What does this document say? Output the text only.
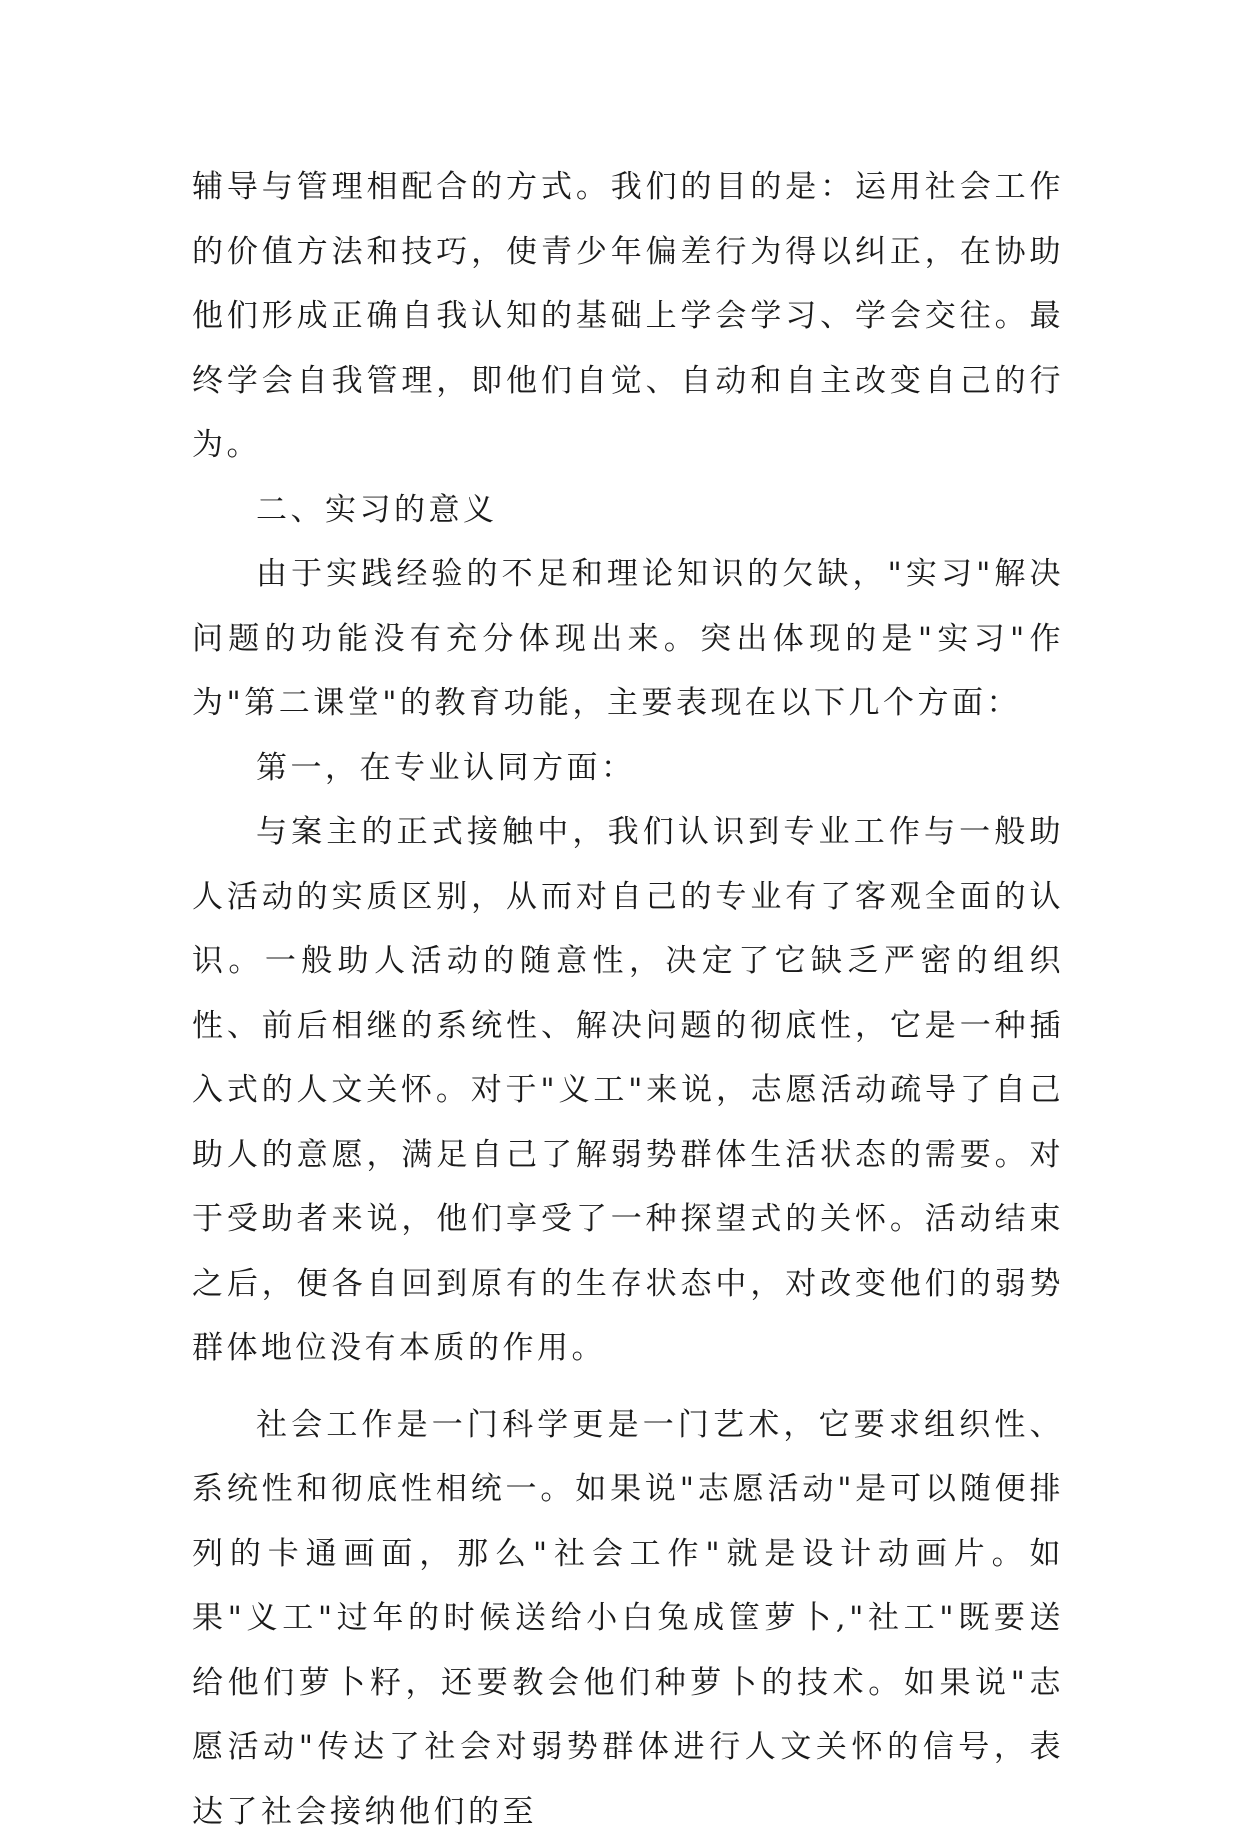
辅导与管理相配合的方式。我们的目的是：运用社会工作的价值方法和技巧，使青少年偏差行为得以纠正，在协助他们形成正确自我认知的基础上学会学习、学会交往。最终学会自我管理，即他们自觉、自动和自主改变自己的行为。

二、实习的意义

由于实践经验的不足和理论知识的欠缺，"实习"解决问题的功能没有充分体现出来。突出体现的是"实习"作为"第二课堂"的教育功能，主要表现在以下几个方面：

第一，在专业认同方面：

与案主的正式接触中，我们认识到专业工作与一般助人活动的实质区别，从而对自己的专业有了客观全面的认识。一般助人活动的随意性，决定了它缺乏严密的组织性、前后相继的系统性、解决问题的彻底性，它是一种插入式的人文关怀。对于"义工"来说，志愿活动疏导了自己助人的意愿，满足自己了解弱势群体生活状态的需要。对于受助者来说，他们享受了一种探望式的关怀。活动结束之后，便各自回到原有的生存状态中，对改变他们的弱势群体地位没有本质的作用。

社会工作是一门科学更是一门艺术，它要求组织性、系统性和彻底性相统一。如果说"志愿活动"是可以随便排列的卡通画面，那么"社会工作"就是设计动画片。如果"义工"过年的时候送给小白兔成筐萝卜,"社工"既要送给他们萝卜籽，还要教会他们种萝卜的技术。如果说"志愿活动"传达了社会对弱势群体进行人文关怀的信号，表达了社会接纳他们的至
